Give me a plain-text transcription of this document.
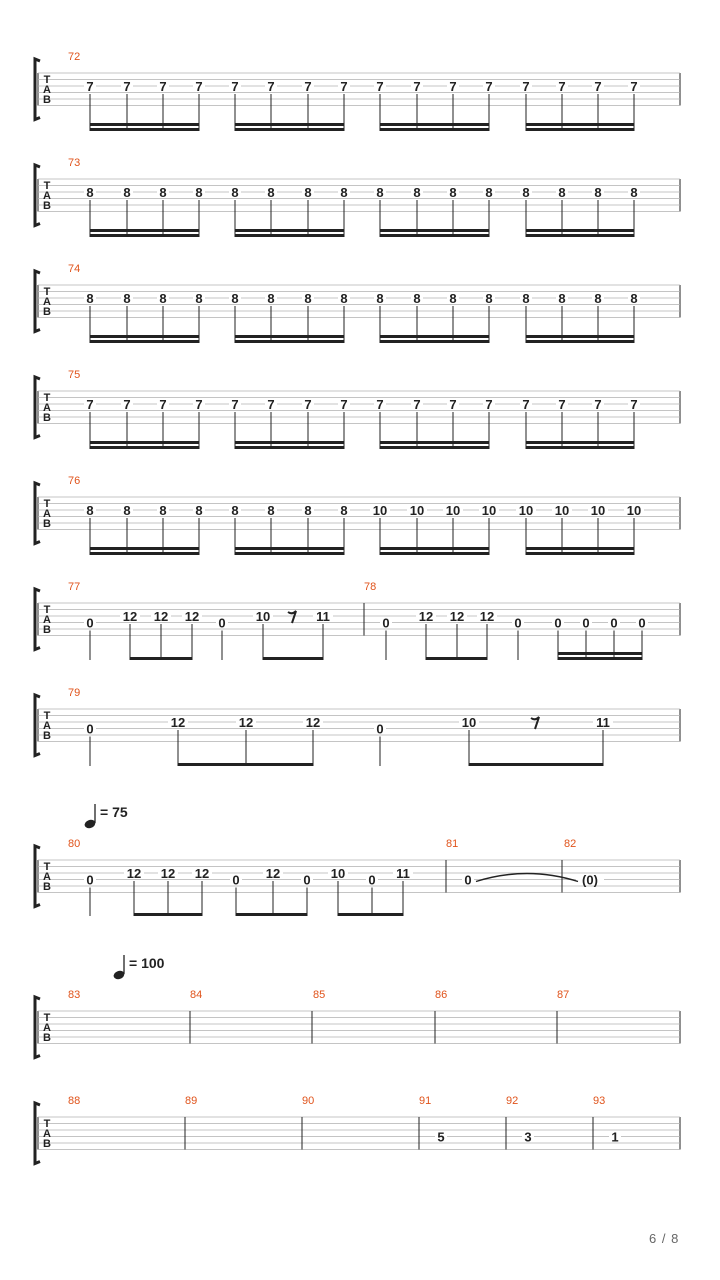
T
A
B
72
7 7 7 7 7 7 7 7 7 7 7 7 7 7 7 7
T
A
B
73
8 8 8 8 8 8 8 8 8 8 8 8 8 8 8 8
T
A
B
74
8 8 8 8 8 8 8 8 8 8 8 8 8 8 8 8
T
A
B
75
7 7 7 7 7 7 7 7 7 7 7 7 7 7 7 7
T
A
B
76
8 8 8 8 8 8 8 8 10 10 10 10 10 10 10 10
T
A
B
77
0 12 12 12 0 10	11
78
0 12 12 12 0	0 0 0 0
T
A
B
79
0	12	12	12	0	10	11
T
A
B
80
0	12 12 12 0 12 0 10 0 11
81
0
82
(0)
T
A
B
83	84	85	86	87
T
A
B
88	89	90	91
5
92
3
93
1
= 75
= 100
6 / 8
